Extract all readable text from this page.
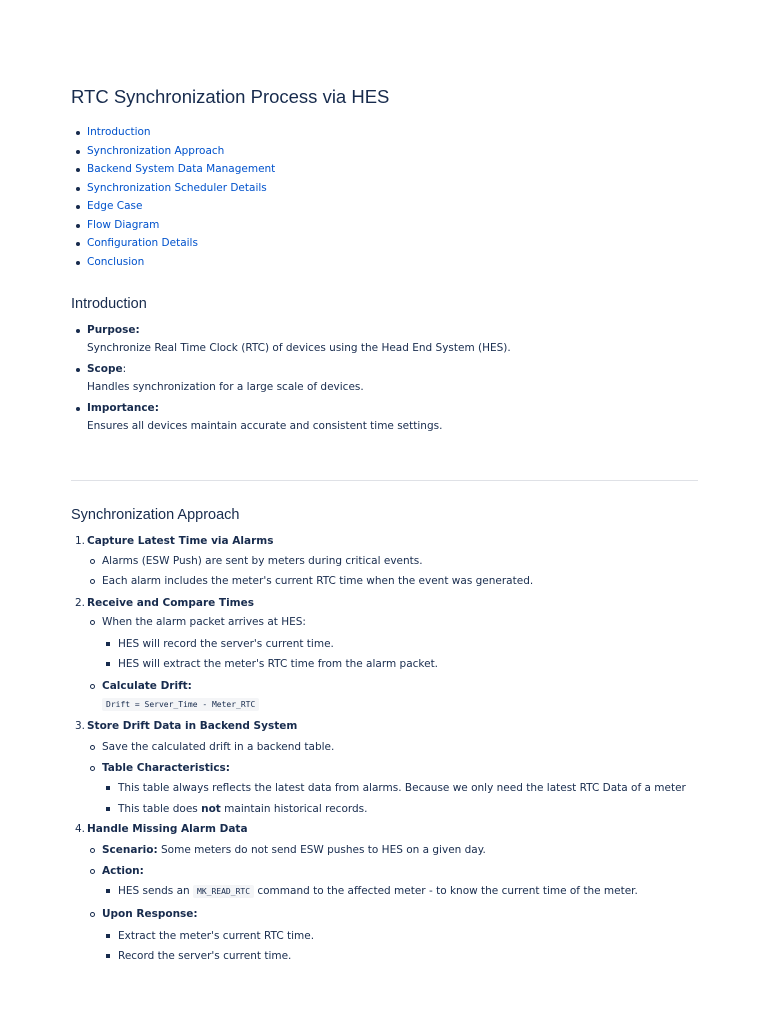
RTC Synchronization Process via HES
Introduction
Synchronization Approach
Backend System Data Management
Synchronization Scheduler Details
Edge Case
Flow Diagram
Configuration Details
Conclusion
Introduction
Purpose:
Synchronize Real Time Clock (RTC) of devices using the Head End System (HES).
Scope:
Handles synchronization for a large scale of devices.
Importance:
Ensures all devices maintain accurate and consistent time settings.
Synchronization Approach
1. Capture Latest Time via Alarms
Alarms (ESW Push) are sent by meters during critical events.
Each alarm includes the meter's current RTC time when the event was generated.
2. Receive and Compare Times
When the alarm packet arrives at HES:
HES will record the server's current time.
HES will extract the meter's RTC time from the alarm packet.
Calculate Drift:
Drift = Server_Time - Meter_RTC
3. Store Drift Data in Backend System
Save the calculated drift in a backend table.
Table Characteristics:
This table always reflects the latest data from alarms. Because we only need the latest RTC Data of a meter
This table does not maintain historical records.
4. Handle Missing Alarm Data
Scenario: Some meters do not send ESW pushes to HES on a given day.
Action:
HES sends an MK_READ_RTC command to the affected meter - to know the current time of the meter.
Upon Response:
Extract the meter's current RTC time.
Record the server's current time.
